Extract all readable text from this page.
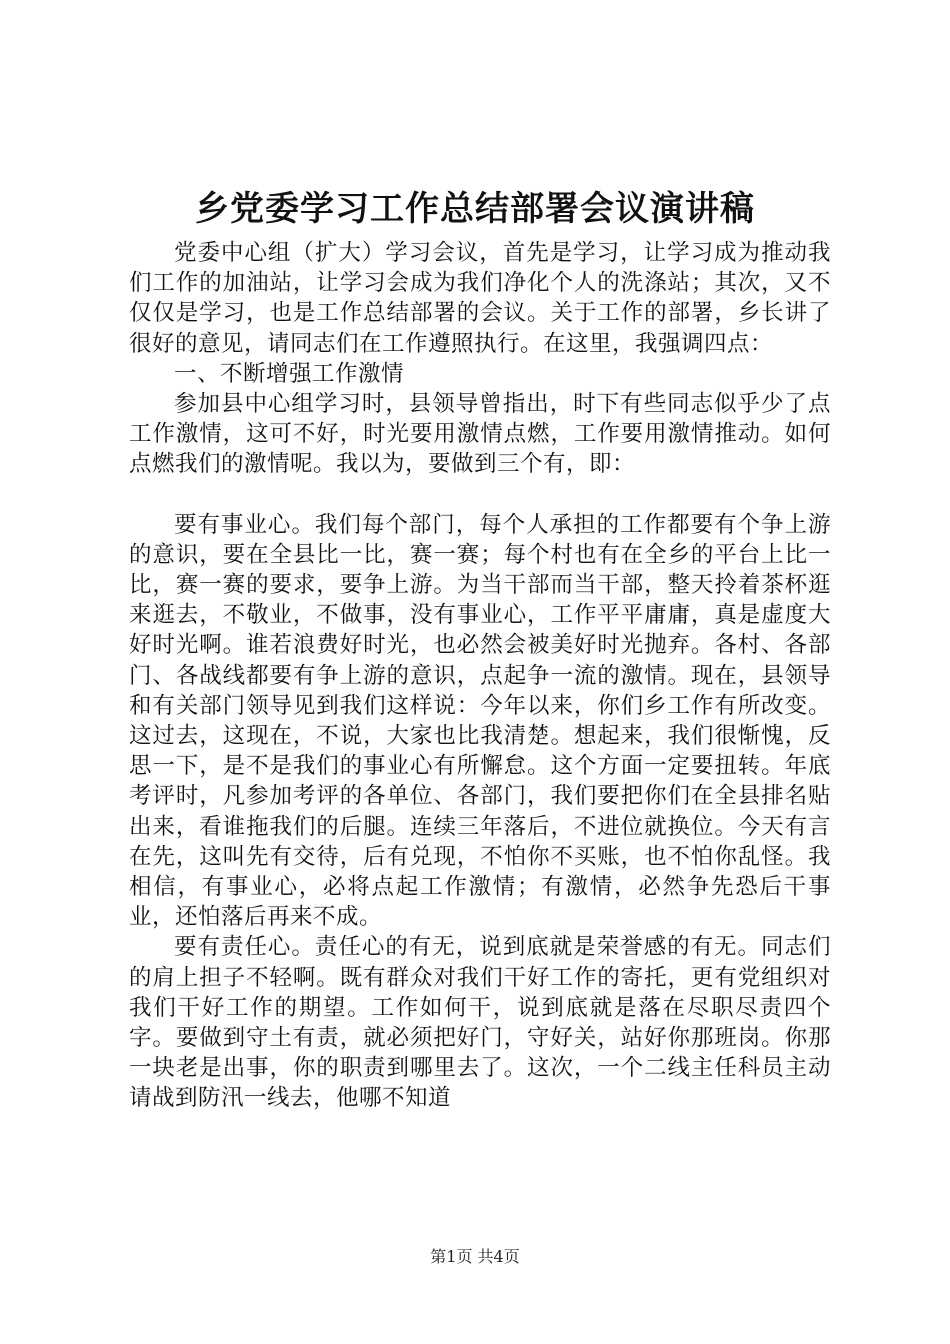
乡党委学习工作总结部署会议演讲稿

党委中心组（扩大）学习会议，首先是学习，让学习成为推动我们工作的加油站，让学习会成为我们净化个人的洗涤站；其次，又不仅仅是学习，也是工作总结部署的会议。关于工作的部署，乡长讲了很好的意见，请同志们在工作遵照执行。在这里，我强调四点：

一、不断增强工作激情

参加县中心组学习时，县领导曾指出，时下有些同志似乎少了点工作激情，这可不好，时光要用激情点燃，工作要用激情推动。如何点燃我们的激情呢。我以为，要做到三个有，即：

要有事业心。我们每个部门，每个人承担的工作都要有个争上游的意识，要在全县比一比，赛一赛；每个村也有在全乡的平台上比一比，赛一赛的要求，要争上游。为当干部而当干部，整天拎着茶杯逛来逛去，不敬业，不做事，没有事业心，工作平平庸庸，真是虚度大好时光啊。谁若浪费好时光，也必然会被美好时光抛弃。各村、各部门、各战线都要有争上游的意识，点起争一流的激情。现在，县领导和有关部门领导见到我们这样说：今年以来，你们乡工作有所改变。这过去，这现在，不说，大家也比我清楚。想起来，我们很惭愧，反思一下，是不是我们的事业心有所懈怠。这个方面一定要扭转。年底考评时，凡参加考评的各单位、各部门，我们要把你们在全县排名贴出来，看谁拖我们的后腿。连续三年落后，不进位就换位。今天有言在先，这叫先有交待，后有兑现，不怕你不买账，也不怕你乱怪。我相信，有事业心，必将点起工作激情；有激情，必然争先恐后干事业，还怕落后再来不成。

要有责任心。责任心的有无，说到底就是荣誉感的有无。同志们的肩上担子不轻啊。既有群众对我们干好工作的寄托，更有党组织对我们干好工作的期望。工作如何干，说到底就是落在尽职尽责四个字。要做到守土有责，就必须把好门，守好关，站好你那班岗。你那一块老是出事，你的职责到哪里去了。这次，一个二线主任科员主动请战到防汛一线去，他哪不知道

第1页 共4页
